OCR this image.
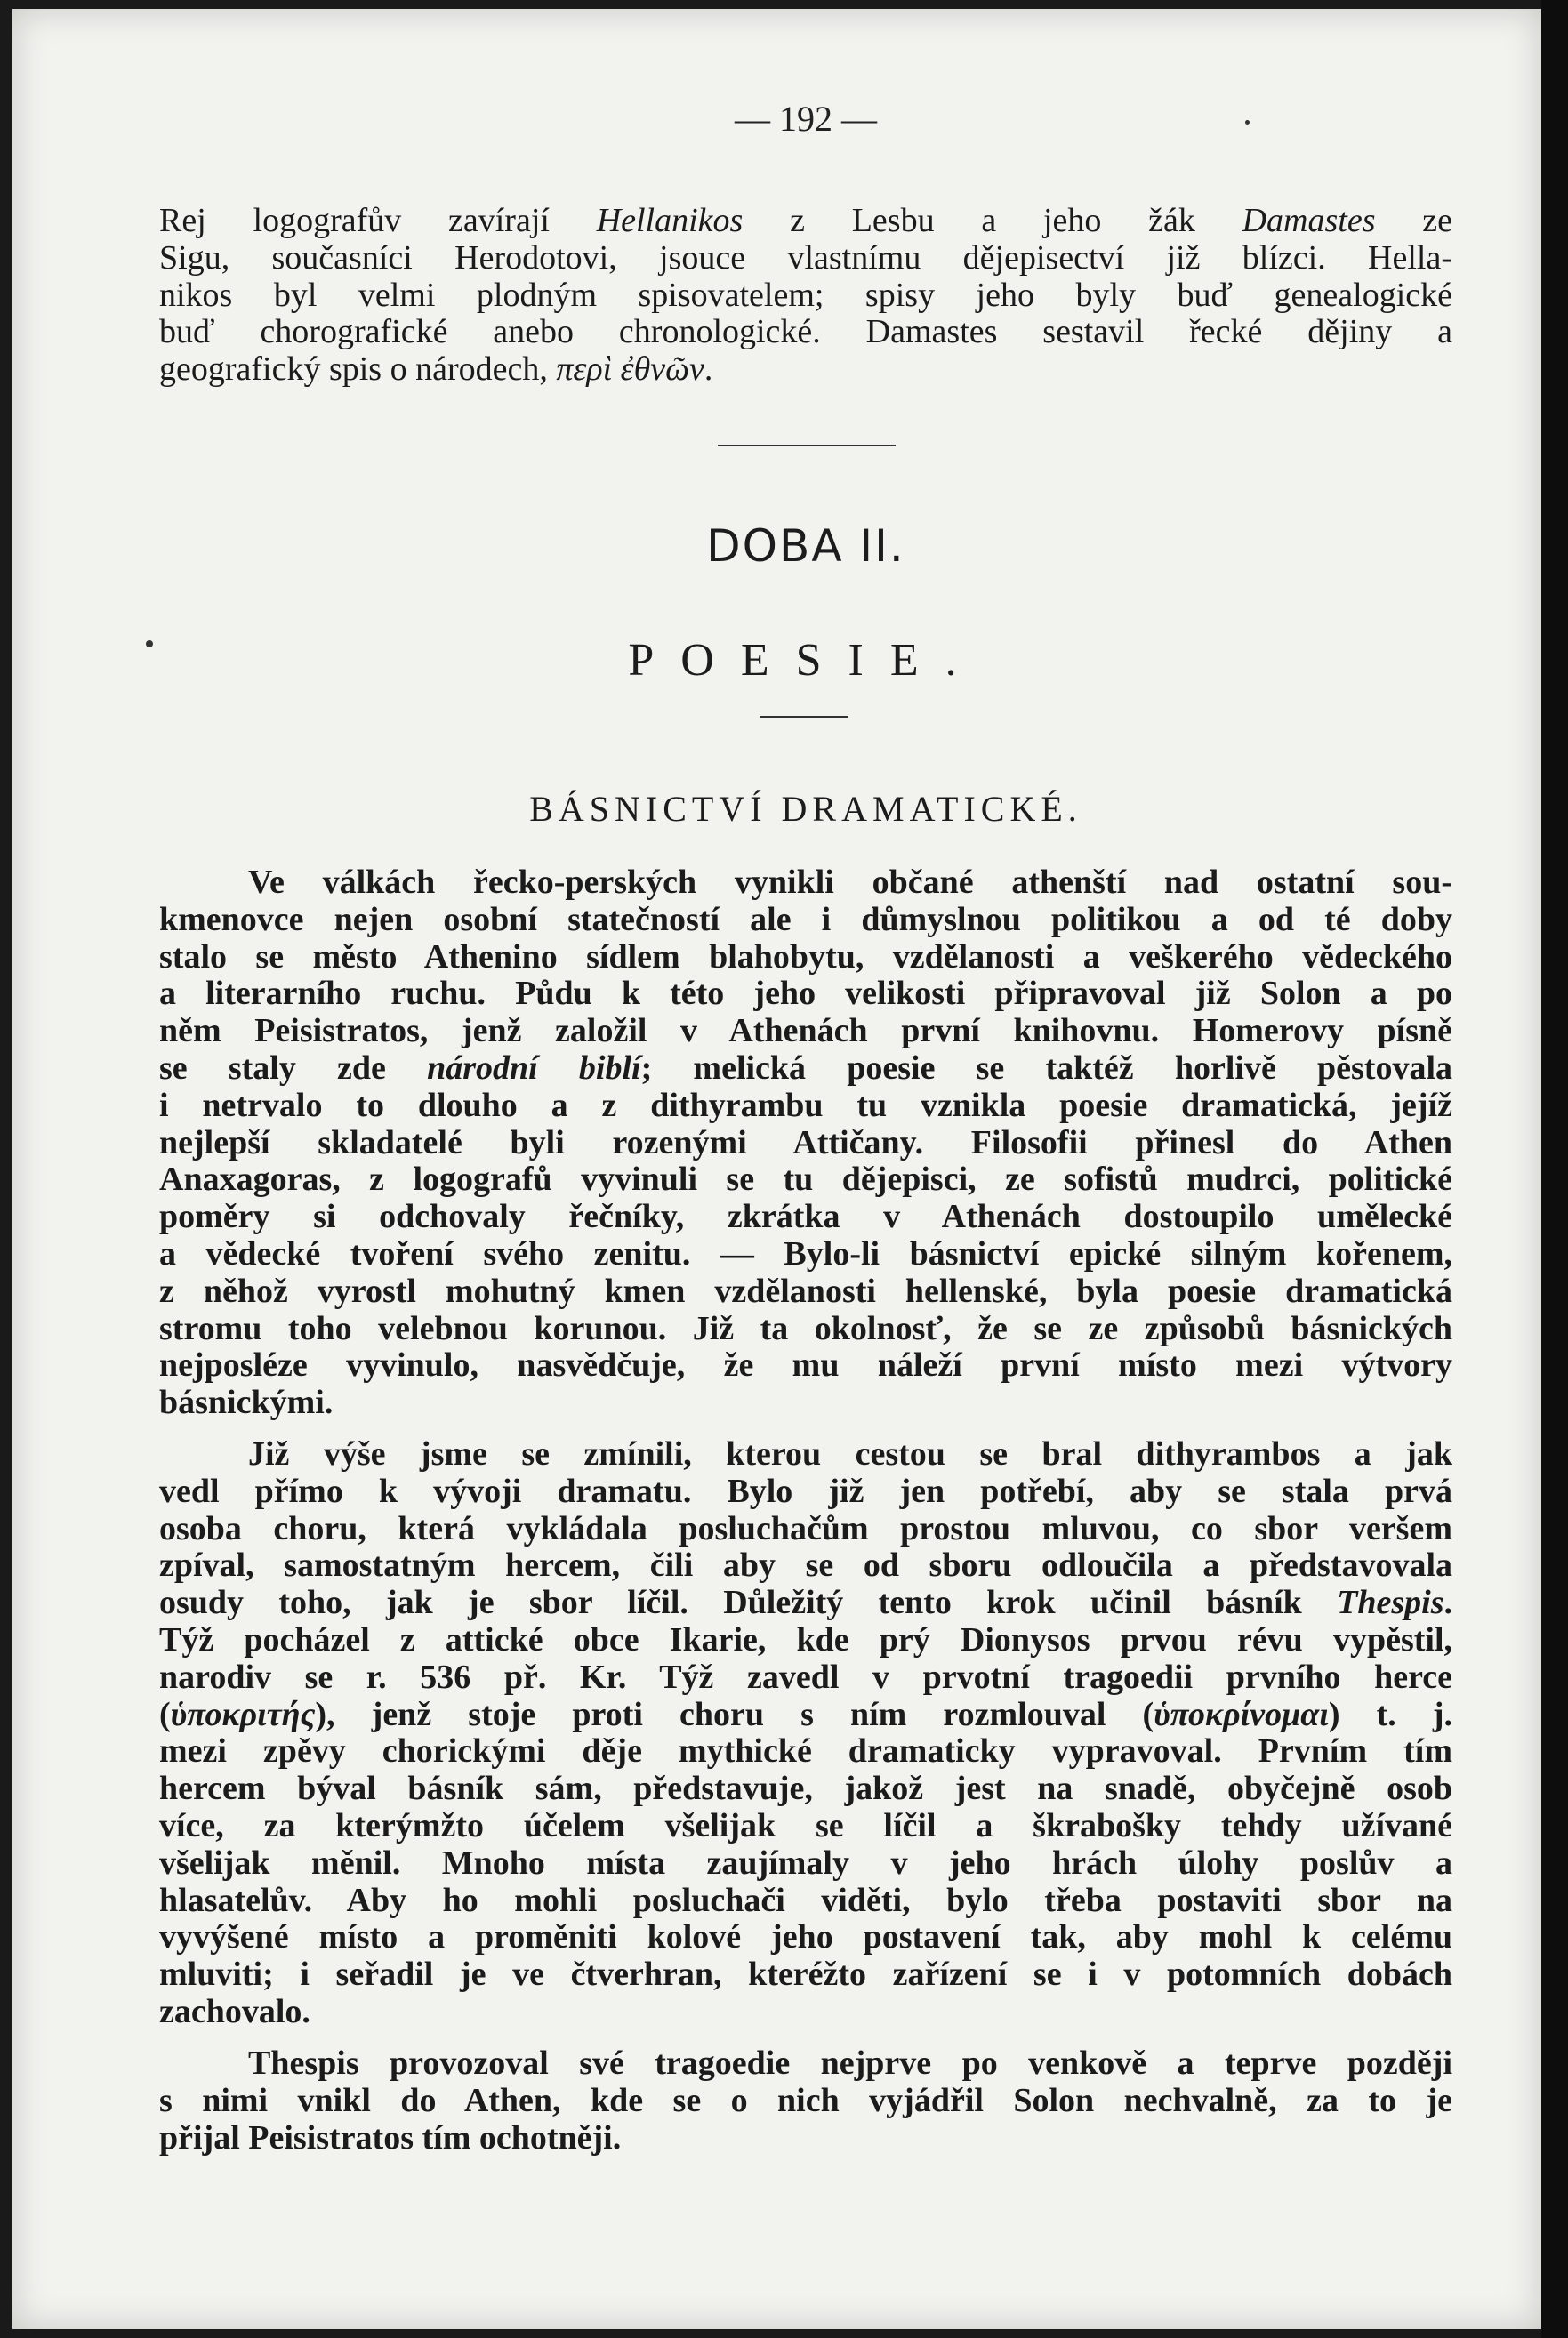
— 192 —
Rej logografův zavírají Hellanikos z Lesbu a jeho žák Damastes ze
Sigu, současníci Herodotovi, jsouce vlastnímu dějepisectví již blízci. Hella-
nikos byl velmi plodným spisovatelem; spisy jeho byly buď genealogické
buď chorografické anebo chronologické. Damastes sestavil řecké dějiny a
geografický spis o národech, περὶ ἐθνῶν.
DOBA II.
POESIE.
BÁSNICTVÍ DRAMATICKÉ.
Ve válkách řecko-perských vynikli občané athenští nad ostatní sou-
kmenovce nejen osobní statečností ale i důmyslnou politikou a od té doby
stalo se město Athenino sídlem blahobytu, vzdělanosti a veškerého vědeckého
a literarního ruchu. Půdu k této jeho velikosti připravoval již Solon a po
něm Peisistratos, jenž založil v Athenách první knihovnu. Homerovy písně
se staly zde národní biblí; melická poesie se taktéž horlivě pěstovala
i netrvalo to dlouho a z dithyrambu tu vznikla poesie dramatická, jejíž
nejlepší skladatelé byli rozenými Attičany. Filosofii přinesl do Athen
Anaxagoras, z logografů vyvinuli se tu dějepisci, ze sofistů mudrci, politické
poměry si odchovaly řečníky, zkrátka v Athenách dostoupilo umělecké
a vědecké tvoření svého zenitu. — Bylo-li básnictví epické silným kořenem,
z něhož vyrostl mohutný kmen vzdělanosti hellenské, byla poesie dramatická
stromu toho velebnou korunou. Již ta okolnosť, že se ze způsobů básnických
nejposléze vyvinulo, nasvědčuje, že mu náleží první místo mezi výtvory
básnickými.
Již výše jsme se zmínili, kterou cestou se bral dithyrambos a jak
vedl přímo k vývoji dramatu. Bylo již jen potřebí, aby se stala prvá
osoba choru, která vykládala posluchačům prostou mluvou, co sbor veršem
zpíval, samostatným hercem, čili aby se od sboru odloučila a představovala
osudy toho, jak je sbor líčil. Důležitý tento krok učinil básník Thespis.
Týž pocházel z attické obce Ikarie, kde prý Dionysos prvou révu vypěstil,
narodiv se r. 536 př. Kr. Týž zavedl v prvotní tragoedii prvního herce
(ὑποκριτής), jenž stoje proti choru s ním rozmlouval (ὑποκρίνομαι) t. j.
mezi zpěvy chorickými děje mythické dramaticky vypravoval. Prvním tím
hercem býval básník sám, představuje, jakož jest na snadě, obyčejně osob
více, za kterýmžto účelem všelijak se líčil a škrabošky tehdy užívané
všelijak měnil. Mnoho místa zaujímaly v jeho hrách úlohy poslův a
hlasatelův. Aby ho mohli posluchači viděti, bylo třeba postaviti sbor na
vyvýšené místo a proměniti kolové jeho postavení tak, aby mohl k celému
mluviti; i seřadil je ve čtverhran, kteréžto zařízení se i v potomních dobách
zachovalo.
Thespis provozoval své tragoedie nejprve po venkově a teprve později
s nimi vnikl do Athen, kde se o nich vyjádřil Solon nechvalně, za to je
přijal Peisistratos tím ochotněji.
